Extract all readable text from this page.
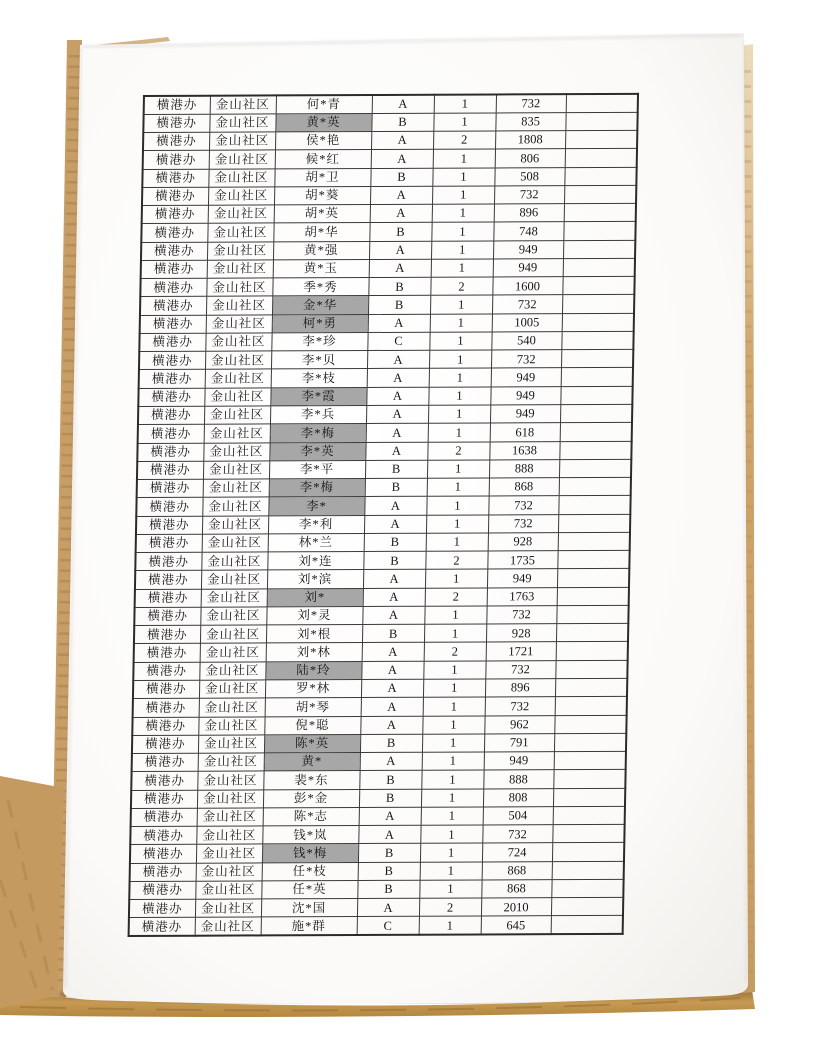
横港办	金山社区	何*青	A	1	732	
横港办	金山社区	黄*英	B	1	835	
横港办	金山社区	侯*艳	A	2	1808	
横港办	金山社区	候*红	A	1	806	
横港办	金山社区	胡*卫	B	1	508	
横港办	金山社区	胡*葵	A	1	732	
横港办	金山社区	胡*英	A	1	896	
横港办	金山社区	胡*华	B	1	748	
横港办	金山社区	黄*强	A	1	949	
横港办	金山社区	黄*玉	A	1	949	
横港办	金山社区	季*秀	B	2	1600	
横港办	金山社区	金*华	B	1	732	
横港办	金山社区	柯*勇	A	1	1005	
横港办	金山社区	李*珍	C	1	540	
横港办	金山社区	李*贝	A	1	732	
横港办	金山社区	李*枝	A	1	949	
横港办	金山社区	李*霞	A	1	949	
横港办	金山社区	李*兵	A	1	949	
横港办	金山社区	李*梅	A	1	618	
横港办	金山社区	李*英	A	2	1638	
横港办	金山社区	李*平	B	1	888	
横港办	金山社区	李*梅	B	1	868	
横港办	金山社区	李*	A	1	732	
横港办	金山社区	李*利	A	1	732	
横港办	金山社区	林*兰	B	1	928	
横港办	金山社区	刘*连	B	2	1735	
横港办	金山社区	刘*滨	A	1	949	
横港办	金山社区	刘*	A	2	1763	
横港办	金山社区	刘*灵	A	1	732	
横港办	金山社区	刘*根	B	1	928	
横港办	金山社区	刘*林	A	2	1721	
横港办	金山社区	陆*玲	A	1	732	
横港办	金山社区	罗*林	A	1	896	
横港办	金山社区	胡*琴	A	1	732	
横港办	金山社区	倪*聪	A	1	962	
横港办	金山社区	陈*英	B	1	791	
横港办	金山社区	黄*	A	1	949	
横港办	金山社区	裴*东	B	1	888	
横港办	金山社区	彭*金	B	1	808	
横港办	金山社区	陈*志	A	1	504	
横港办	金山社区	钱*岚	A	1	732	
横港办	金山社区	钱*梅	B	1	724	
横港办	金山社区	任*枝	B	1	868	
横港办	金山社区	任*英	B	1	868	
横港办	金山社区	沈*国	A	2	2010	
横港办	金山社区	施*群	C	1	645	
